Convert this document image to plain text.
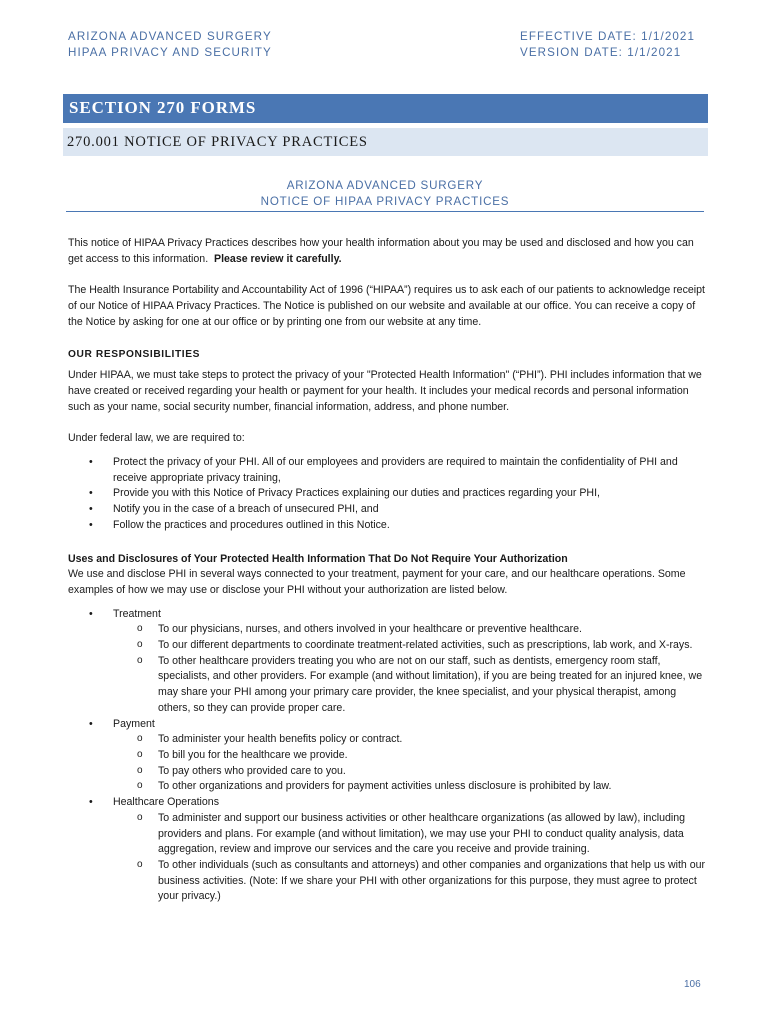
ARIZONA ADVANCED SURGERY
HIPAA PRIVACY AND SECURITY
EFFECTIVE DATE: 1/1/2021
VERSION DATE: 1/1/2021
SECTION 270 FORMS
270.001 NOTICE OF PRIVACY PRACTICES
ARIZONA ADVANCED SURGERY
NOTICE OF HIPAA PRIVACY PRACTICES

This notice of HIPAA Privacy Practices describes how your health information about you may be used and disclosed and how you can get access to this information. Please review it carefully.

The Health Insurance Portability and Accountability Act of 1996 (“HIPAA”) requires us to ask each of our patients to acknowledge receipt of our Notice of HIPAA Privacy Practices. The Notice is published on our website and available at our office. You can receive a copy of the Notice by asking for one at our office or by printing one from our website at any time.

OUR RESPONSIBILITIES

Under HIPAA, we must take steps to protect the privacy of your "Protected Health Information" (“PHI”). PHI includes information that we have created or received regarding your health or payment for your health. It includes your medical records and personal information such as your name, social security number, financial information, address, and phone number.

Under federal law, we are required to:

• Protect the privacy of your PHI. All of our employees and providers are required to maintain the confidentiality of PHI and receive appropriate privacy training,
• Provide you with this Notice of Privacy Practices explaining our duties and practices regarding your PHI,
• Notify you in the case of a breach of unsecured PHI, and
• Follow the practices and procedures outlined in this Notice.

Uses and Disclosures of Your Protected Health Information That Do Not Require Your Authorization

We use and disclose PHI in several ways connected to your treatment, payment for your care, and our healthcare operations. Some examples of how we may use or disclose your PHI without your authorization are listed below.

• Treatment
o To our physicians, nurses, and others involved in your healthcare or preventive healthcare.
o To our different departments to coordinate treatment-related activities, such as prescriptions, lab work, and X-rays.
o To other healthcare providers treating you who are not on our staff, such as dentists, emergency room staff, specialists, and other providers. For example (and without limitation), if you are being treated for an injured knee, we may share your PHI among your primary care provider, the knee specialist, and your physical therapist, among others, so they can provide proper care.
• Payment
o To administer your health benefits policy or contract.
o To bill you for the healthcare we provide.
o To pay others who provided care to you.
o To other organizations and providers for payment activities unless disclosure is prohibited by law.
• Healthcare Operations
o To administer and support our business activities or other healthcare organizations (as allowed by law), including providers and plans. For example (and without limitation), we may use your PHI to conduct quality analysis, data aggregation, review and improve our services and the care you receive and provide training.
o To other individuals (such as consultants and attorneys) and other companies and organizations that help us with our business activities. (Note: If we share your PHI with other organizations for this purpose, they must agree to protect your privacy.)
106
